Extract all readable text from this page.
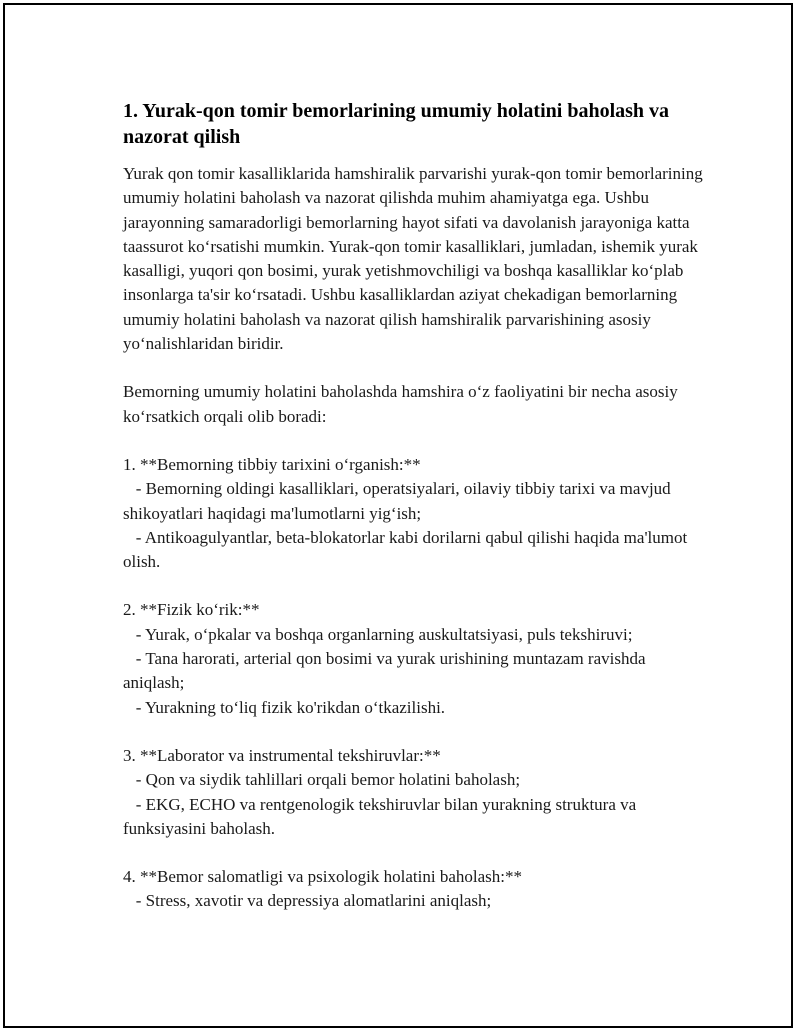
1. Yurak-qon tomir bemorlarining umumiy holatini baholash va nazorat qilish

Yurak qon tomir kasalliklarida hamshiralik parvarishi yurak-qon tomir bemorlarining umumiy holatini baholash va nazorat qilishda muhim ahamiyatga ega. Ushbu jarayonning samaradorligi bemorlarning hayot sifati va davolanish jarayoniga katta taassurot ko‘rsatishi mumkin. Yurak-qon tomir kasalliklari, jumladan, ishemik yurak kasalligi, yuqori qon bosimi, yurak yetishmovchiligi va boshqa kasalliklar ko‘plab insonlarga ta'sir ko‘rsatadi. Ushbu kasalliklardan aziyat chekadigan bemorlarning umumiy holatini baholash va nazorat qilish hamshiralik parvarishining asosiy yo‘nalishlaridan biridir.

Bemorning umumiy holatini baholashda hamshira o‘z faoliyatini bir necha asosiy ko‘rsatkich orqali olib boradi:

1. **Bemorning tibbiy tarixini o‘rganish:**

- Bemorning oldingi kasalliklari, operatsiyalari, oilaviy tibbiy tarixi va mavjud shikoyatlari haqidagi ma'lumotlarni yig‘ish;

- Antikoagulyantlar, beta-blokatorlar kabi dorilarni qabul qilishi haqida ma'lumot olish.

2. **Fizik ko‘rik:**

- Yurak, o‘pkalar va boshqa organlarning auskultatsiyasi, puls tekshiruvi;

- Tana harorati, arterial qon bosimi va yurak urishining muntazam ravishda aniqlash;

- Yurakning to‘liq fizik ko'rikdan o‘tkazilishi.

3. **Laborator va instrumental tekshiruvlar:**

- Qon va siydik tahlillari orqali bemor holatini baholash;

- EKG, ECHO va rentgenologik tekshiruvlar bilan yurakning struktura va funksiyasini baholash.

4. **Bemor salomatligi va psixologik holatini baholash:**

- Stress, xavotir va depressiya alomatlarini aniqlash;
